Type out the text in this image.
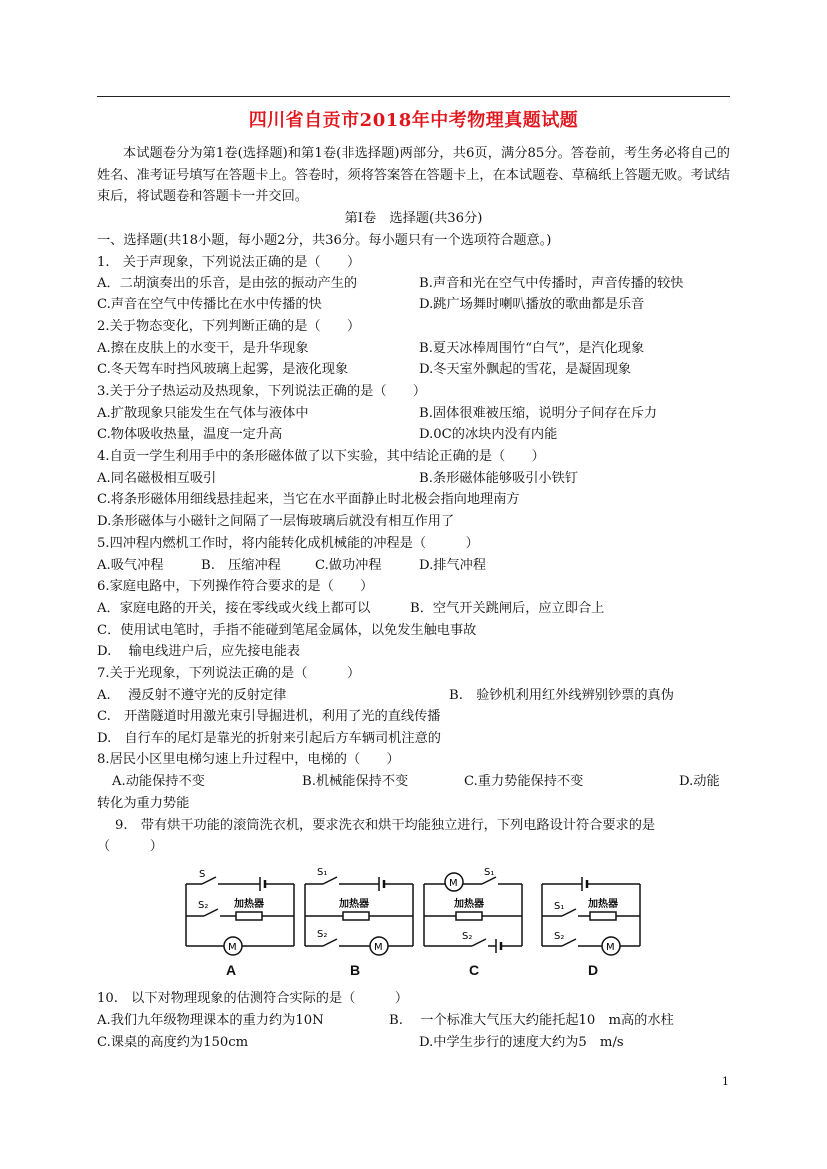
四川省自贡市2018年中考物理真题试题
本试题卷分为第1卷(选择题)和第1卷(非选择题)两部分，共6页，满分85分。答卷前，考生务必将自己的姓名、准考证号填写在答题卡上。答卷时，须将答案答在答题卡上，在本试题卷、草稿纸上答题无败。考试结束后，将试题卷和答题卡一并交回。
第Ⅰ卷　选择题(共36分)
一、选择题(共18小题，每小题2分，共36分。每小题只有一个选项符合题意。)
1.　关于声现象，下列说法正确的是（　　）
A．二胡演奏出的乐音，是由弦的振动产生的	B.声音和光在空气中传播时，声音传播的较快
C.声音在空气中传播比在水中传播的快	D.跳广场舞时喇叭播放的歌曲都是乐音
2.关于物态变化，下列判断正确的是（　　）
A.擦在皮肤上的水变干，是升华现象	B.夏天冰棒周围竹“白气”，是汽化现象
C.冬天驾车时挡风玻璃上起雾，是液化现象	D.冬天室外飘起的雪花，是凝固现象
3.关于分子热运动及热现象，下列说法正确的是（　　）
A.扩散现象只能发生在气体与液体中	B.固体很难被压缩，说明分子间存在斥力
C.物体吸收热量，温度一定升高	D.0C的冰块内没有内能
4.自贡一学生利用手中的条形磁体做了以下实验，其中结论正确的是（　　）
A.同名磁极相互吸引	B.条形磁体能够吸引小铁钉
C.将条形磁体用细线悬挂起来，当它在水平面静止时北极会指向地理南方
D.条形磁体与小磁针之间隔了一层悔玻璃后就没有相互作用了
5.四冲程内燃机工作时，将内能转化成机械能的冲程是（　　　）
A.吸气冲程	B.　压缩冲程	C.做功冲程	D.排气冲程
6.家庭电路中，下列操作符合要求的是（　　）
A．家庭电路的开关，接在零线或火线上都可以	B．空气开关跳闸后，应立即合上
C．使用试电笔时，手指不能碰到笔尾金属体，以免发生触电事故
D.　 输电线进户后，应先接电能表
7.关于光现象，下列说法正确的是（　　　）
A.　 漫反射不遵守光的反射定律	B.　验钞机利用红外线辨别钞票的真伪
C.　开凿隧道时用激光束引导掘进机，利用了光的直线传播
D.　自行车的尾灯是靠光的折射来引起后方车辆司机注意的
8.居民小区里电梯匀速上升过程中，电梯的（　　）
A.动能保持不变	B.机械能保持不变	C.重力势能保持不变	D.动能
转化为重力势能
9.　带有烘干功能的滚筒洗衣机，要求洗衣和烘干均能独立进行，下列电路设计符合要求的是
（　　　）
S
S₂	加热器
M
A
S₁
加热器
S₂
M
B
M
S₁
加热器
S₂
C
S₁ 加热器
S₂
M
D
10.　以下对物理现象的估测符合实际的是（　　　）
A.我们九年级物理课本的重力约为10N	B.　 一个标准大气压大约能托起10　m高的水柱
C.课桌的高度约为150cm	D.中学生步行的速度大约为5　m/s
1
